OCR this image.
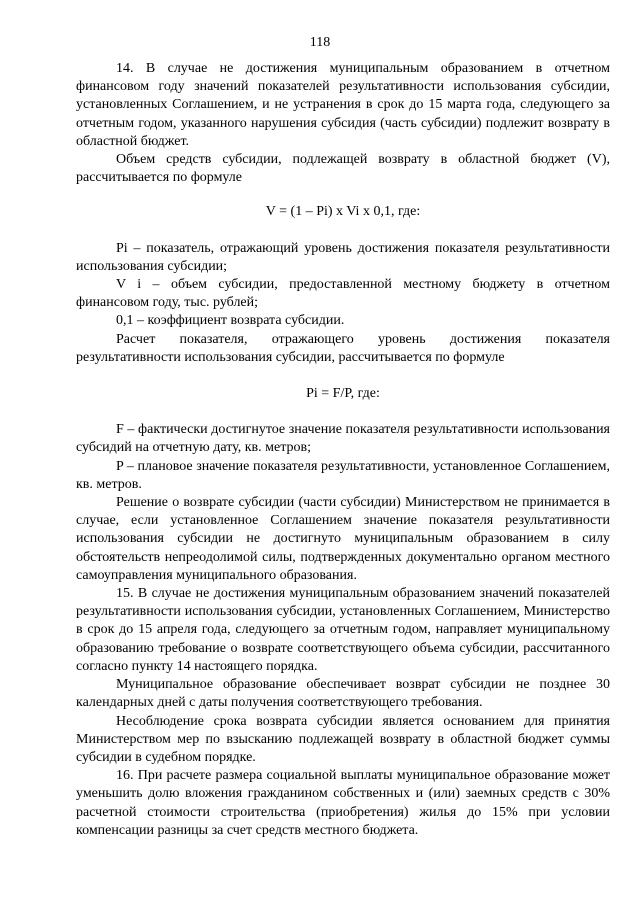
118

14. В случае не достижения муниципальным образованием в отчетном финансовом году значений показателей результативности использования субсидии, установленных Соглашением, и не устранения в срок до 15 марта года, следующего за отчетным годом, указанного нарушения субсидия (часть субсидии) подлежит возврату в областной бюджет.

Объем средств субсидии, подлежащей возврату в областной бюджет (V), рассчитывается по формуле

V = (1 – Pi) x Vi x 0,1, где:

Pi – показатель, отражающий уровень достижения показателя результативности использования субсидии;

V i – объем субсидии, предоставленной местному бюджету в отчетном финансовом году, тыс. рублей;

0,1 – коэффициент возврата субсидии.

Расчет показателя, отражающего уровень достижения показателя результативности использования субсидии, рассчитывается по формуле

Pi = F/P, где:

F – фактически достигнутое значение показателя результативности использования субсидий на отчетную дату, кв. метров;

P – плановое значение показателя результативности, установленное Соглашением, кв. метров.

Решение о возврате субсидии (части субсидии) Министерством не принимается в случае, если установленное Соглашением значение показателя результативности использования субсидии не достигнуто муниципальным образованием в силу обстоятельств непреодолимой силы, подтвержденных документально органом местного самоуправления муниципального образования.

15. В случае не достижения муниципальным образованием значений показателей результативности использования субсидии, установленных Соглашением, Министерство в срок до 15 апреля года, следующего за отчетным годом, направляет муниципальному образованию требование о возврате соответствующего объема субсидии, рассчитанного согласно пункту 14 настоящего порядка.

Муниципальное образование обеспечивает возврат субсидии не позднее 30 календарных дней с даты получения соответствующего требования.

Несоблюдение срока возврата субсидии является основанием для принятия Министерством мер по взысканию подлежащей возврату в областной бюджет суммы субсидии в судебном порядке.

16. При расчете размера социальной выплаты муниципальное образование может уменьшить долю вложения гражданином собственных и (или) заемных средств с 30% расчетной стоимости строительства (приобретения) жилья до 15% при условии компенсации разницы за счет средств местного бюджета.
